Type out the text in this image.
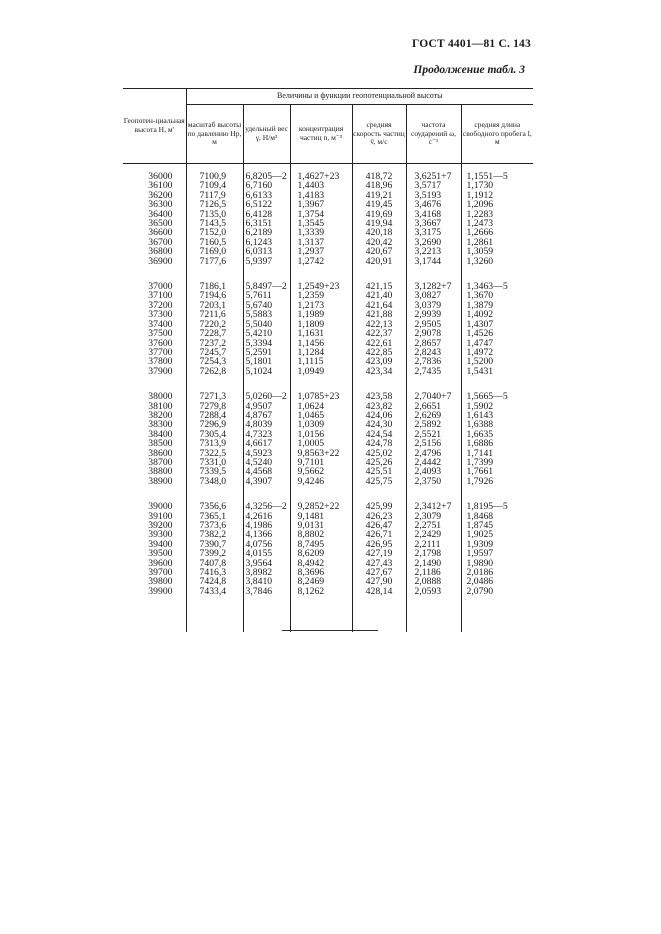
ГОСТ 4401—81 С. 143
Продолжение табл. 3
Геопотен-циальная высота H, м'	Величины и функции геопотенциальной высоты					
	масштаб высоты по давлению Hp, м	удельный вес γ, Н/м³	концентрация частиц n, м⁻³	средняя скорость частиц v̄, м/с	частота соударений ω, с⁻¹	средняя длина свободного пробега l, м

36000	7100,9	6,8205—2	1,4627+23	418,72	3,6251+7	1,1551—5
36100	7109,4	6,7160	1,4403	418,96	3,5717	1,1730
36200	7117,9	6,6133	1,4183	419,21	3,5193	1,1912
36300	7126,5	6,5122	1,3967	419,45	3,4676	1,2096
36400	7135,0	6,4128	1,3754	419,69	3,4168	1,2283
36500	7143,5	6,3151	1,3545	419,94	3,3667	1,2473
36600	7152,0	6,2189	1,3339	420,18	3,3175	1,2666
36700	7160,5	6,1243	1,3137	420,42	3,2690	1,2861
36800	7169,0	6,0313	1,2937	420,67	3,2213	1,3059
36900	7177,6	5,9397	1,2742	420,91	3,1744	1,3260

37000	7186,1	5,8497—2	1,2549+23	421,15	3,1282+7	1,3463—5
37100	7194,6	5,7611	1,2359	421,40	3,0827	1,3670
37200	7203,1	5,6740	1,2173	421,64	3,0379	1,3879
37300	7211,6	5,5883	1,1989	421,88	2,9939	1,4092
37400	7220,2	5,5040	1,1809	422,13	2,9505	1,4307
37500	7228,7	5,4210	1,1631	422,37	2,9078	1,4526
37600	7237,2	5,3394	1,1456	422,61	2,8657	1,4747
37700	7245,7	5,2591	1,1284	422,85	2,8243	1,4972
37800	7254,3	5,1801	1,1115	423,09	2,7836	1,5200
37900	7262,8	5,1024	1,0949	423,34	2,7435	1,5431

38000	7271,3	5,0260—2	1,0785+23	423,58	2,7040+7	1,5665—5
38100	7279,8	4,9507	1,0624	423,82	2,6651	1,5902
38200	7288,4	4,8767	1,0465	424,06	2,6269	1,6143
38300	7296,9	4,8039	1,0309	424,30	2,5892	1,6388
38400	7305,4	4,7323	1,0156	424,54	2,5521	1,6635
38500	7313,9	4,6617	1,0005	424,78	2,5156	1,6886
38600	7322,5	4,5923	9,8563+22	425,02	2,4796	1,7141
38700	7331,0	4,5240	9,7101	425,26	2,4442	1,7399
38800	7339,5	4,4568	9,5662	425,51	2,4093	1,7661
38900	7348,0	4,3907	9,4246	425,75	2,3750	1,7926

39000	7356,6	4,3256—2	9,2852+22	425,99	2,3412+7	1,8195—5
39100	7365,1	4,2616	9,1481	426,23	2,3079	1,8468
39200	7373,6	4,1986	9,0131	426,47	2,2751	1,8745
39300	7382,2	4,1366	8,8802	426,71	2,2429	1,9025
39400	7390,7	4,0756	8,7495	426,95	2,2111	1,9309
39500	7399,2	4,0155	8,6209	427,19	2,1798	1,9597
39600	7407,8	3,9564	8,4942	427,43	2,1490	1,9890
39700	7416,3	3,8982	8,3696	427,67	2,1186	2,0186
39800	7424,8	3,8410	8,2469	427,90	2,0888	2,0486
39900	7433,4	3,7846	8,1262	428,14	2,0593	2,0790
